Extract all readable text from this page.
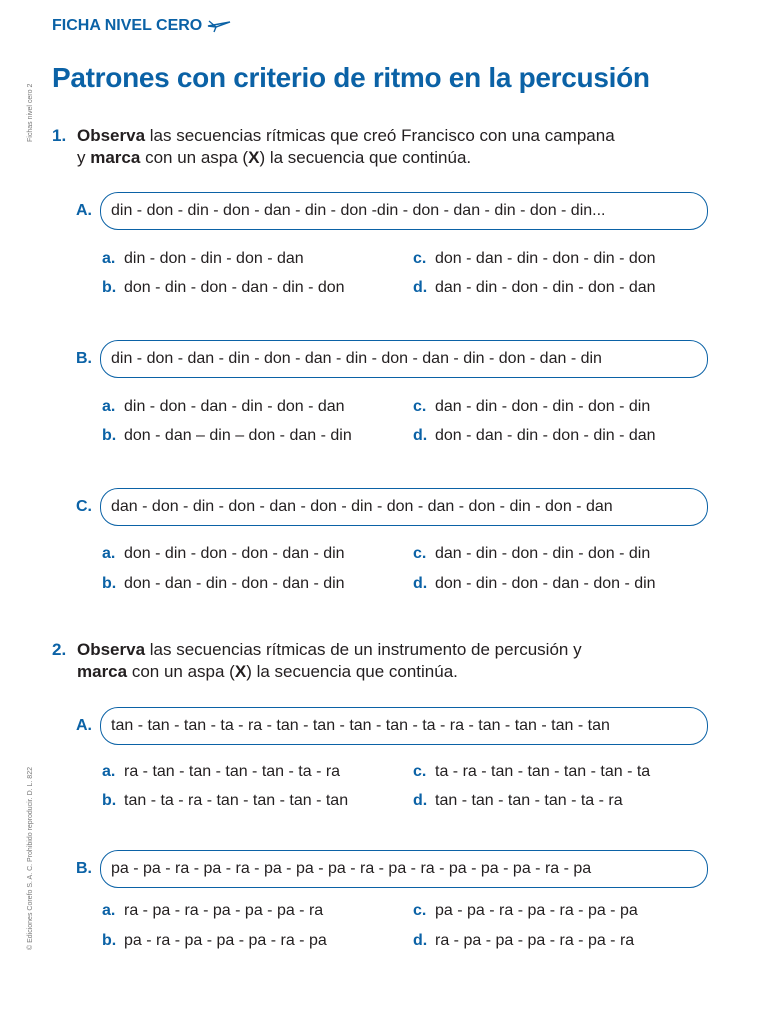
FICHA NIVEL CERO
Patrones con criterio de ritmo en la percusión
Fichas nivel cero 2
© Ediciones Corefo S. A. C. Prohibido reproducir. D. L. 822
1. Observa las secuencias rítmicas que creó Francisco con una campana
y marca con un aspa (X) la secuencia que continúa.
A.	din - don - din - don - dan - din - don -din - don - dan - din - don - din...
a. din - don - din - don - dan	c. don - dan - din - don - din - don
b. don - din - don - dan - din - don	d. dan - din - don - din - don - dan
B.	din - don - dan - din - don - dan - din - don - dan - din - don - dan - din
a. din - don - dan - din - don - dan	c. dan - din - don - din - don - din
b. don - dan – din – don - dan - din	d. don - dan - din - don - din - dan
C.	dan - don - din - don - dan - don - din - don - dan - don - din - don - dan
a. don - din - don - don - dan - din	c. dan - din - don - din - don - din
b. don - dan - din - don - dan - din	d. don - din - don - dan - don - din
2. Observa las secuencias rítmicas de un instrumento de percusión y
marca con un aspa (X) la secuencia que continúa.
A.	tan - tan - tan - ta - ra - tan - tan - tan - tan - ta - ra - tan - tan - tan - tan
a. ra - tan - tan - tan - tan - ta - ra	c. ta - ra - tan - tan - tan - tan - ta
b. tan - ta - ra - tan - tan - tan - tan	d. tan - tan - tan - tan - ta - ra
B.	pa - pa - ra - pa - ra - pa - pa - pa - ra - pa - ra - pa - pa - pa - ra - pa
a. ra - pa - ra - pa - pa - pa - ra	c. pa - pa - ra - pa - ra - pa - pa
b. pa - ra - pa - pa - pa - ra - pa	d. ra - pa - pa - pa - ra - pa - ra
